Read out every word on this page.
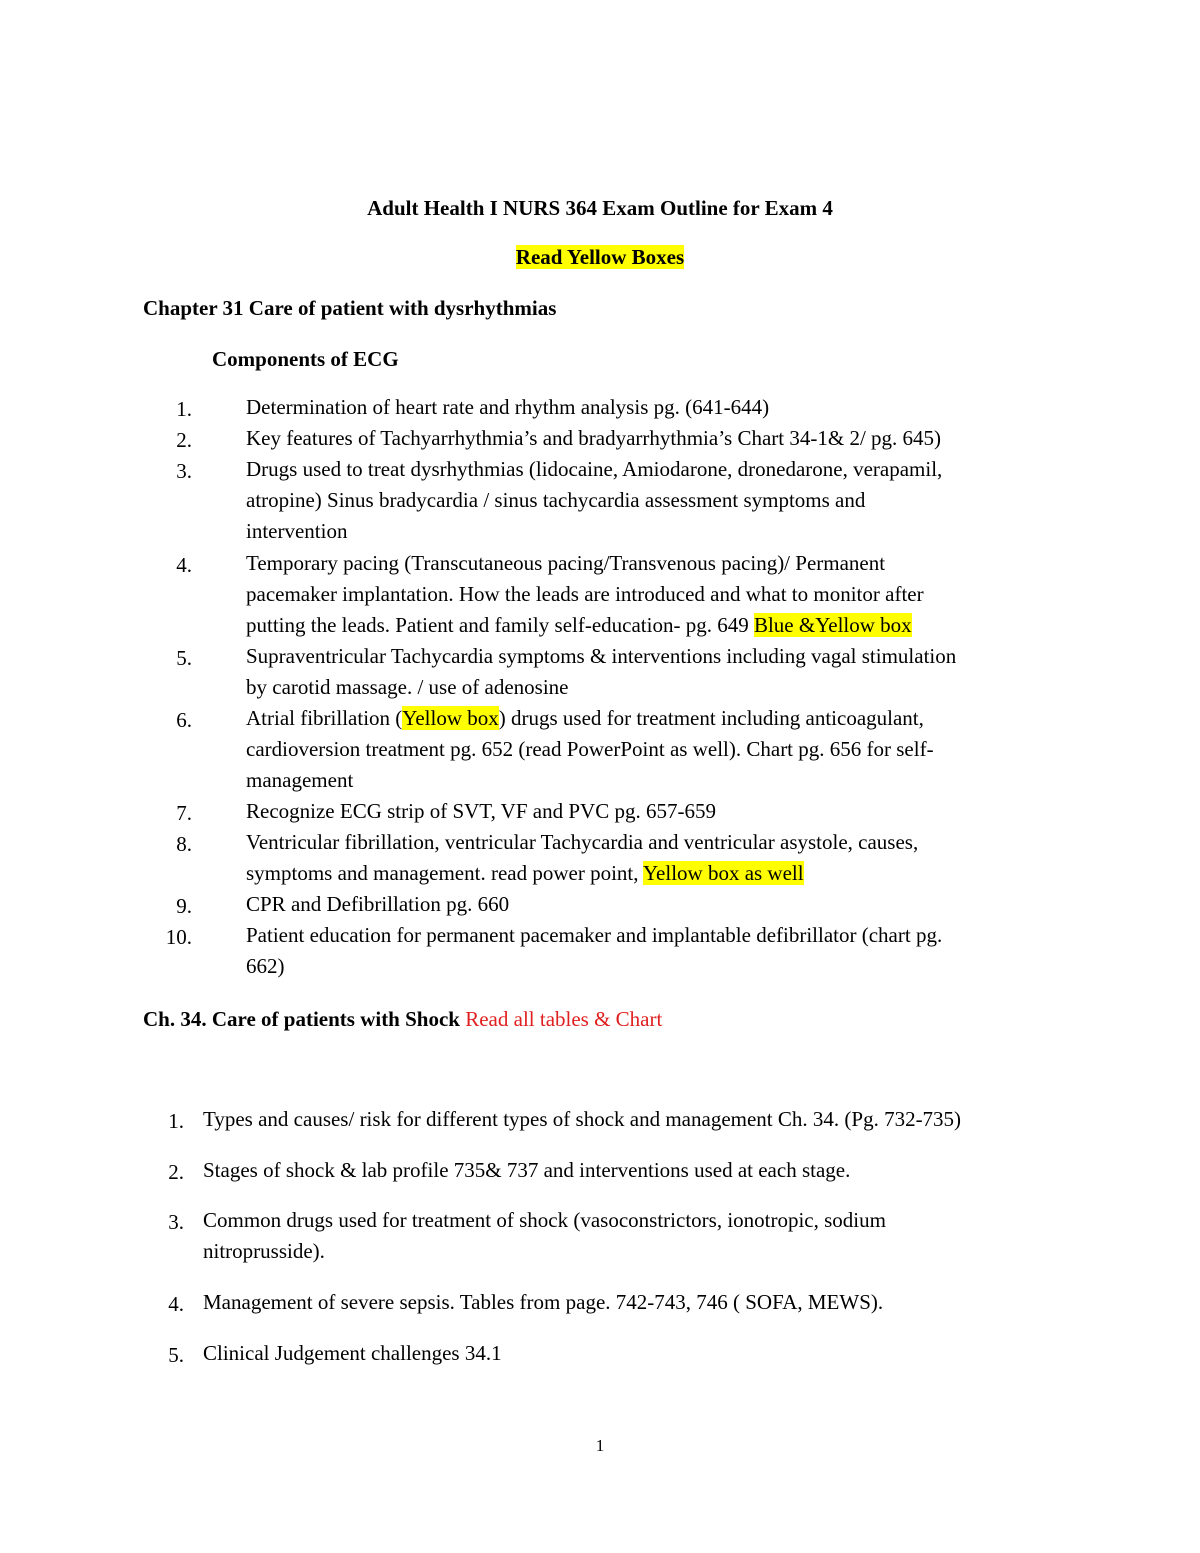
Adult Health I NURS 364 Exam Outline for Exam 4
Read Yellow Boxes
Chapter 31 Care of patient with dysrhythmias
Components of ECG
1.	Determination of heart rate and rhythm analysis pg. (641-644)
2.	Key features of Tachyarrhythmia’s and bradyarrhythmia’s Chart 34-1& 2/ pg. 645)
3.	Drugs used to treat dysrhythmias (lidocaine, Amiodarone, dronedarone, verapamil,
atropine) Sinus bradycardia / sinus tachycardia assessment symptoms and
intervention
4.	Temporary pacing (Transcutaneous pacing/Transvenous pacing)/ Permanent
pacemaker implantation. How the leads are introduced and what to monitor after
putting the leads. Patient and family self-education- pg. 649 Blue &Yellow box
5.	Supraventricular Tachycardia symptoms & interventions including vagal stimulation
by carotid massage. / use of adenosine
6.	Atrial fibrillation (Yellow box) drugs used for treatment including anticoagulant,
cardioversion treatment pg. 652 (read PowerPoint as well). Chart pg. 656 for self-
management
7.	Recognize ECG strip of SVT, VF and PVC pg. 657-659
8.	Ventricular fibrillation, ventricular Tachycardia and ventricular asystole, causes,
symptoms and management. read power point, Yellow box as well
9.	CPR and Defibrillation pg. 660
10.	Patient education for permanent pacemaker and implantable defibrillator (chart pg.
662)
Ch. 34. Care of patients with Shock Read all tables & Chart
1. Types and causes/ risk for different types of shock and management Ch. 34. (Pg. 732-735)
2. Stages of shock & lab profile 735& 737 and interventions used at each stage.
3. Common drugs used for treatment of shock (vasoconstrictors, ionotropic, sodium
nitroprusside).
4. Management of severe sepsis. Tables from page. 742-743, 746 ( SOFA, MEWS).
5. Clinical Judgement challenges 34.1
1
